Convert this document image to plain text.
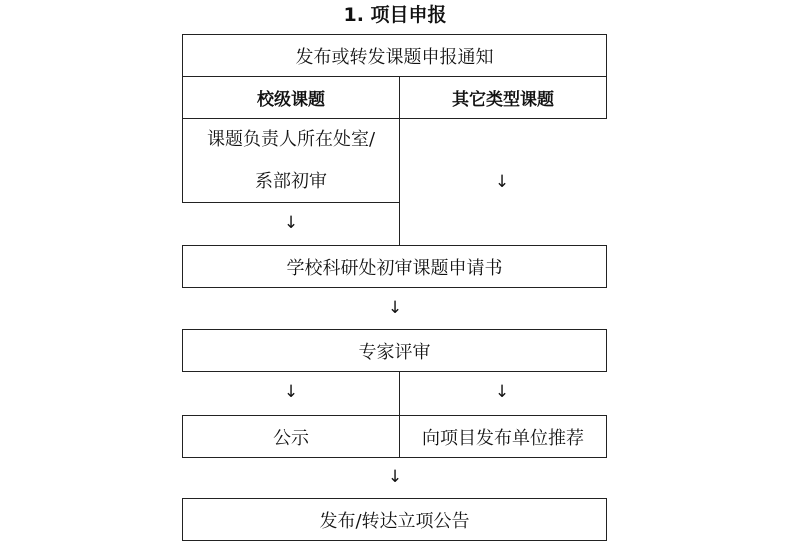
1. 项目申报
发布或转发课题申报通知
校级课题	其它类型课题
课题负责人所在处室/
系部初审	↓
↓
学校科研处初审课题申请书
↓
专家评审
↓	↓
公示	向项目发布单位推荐
↓
发布/转达立项公告
